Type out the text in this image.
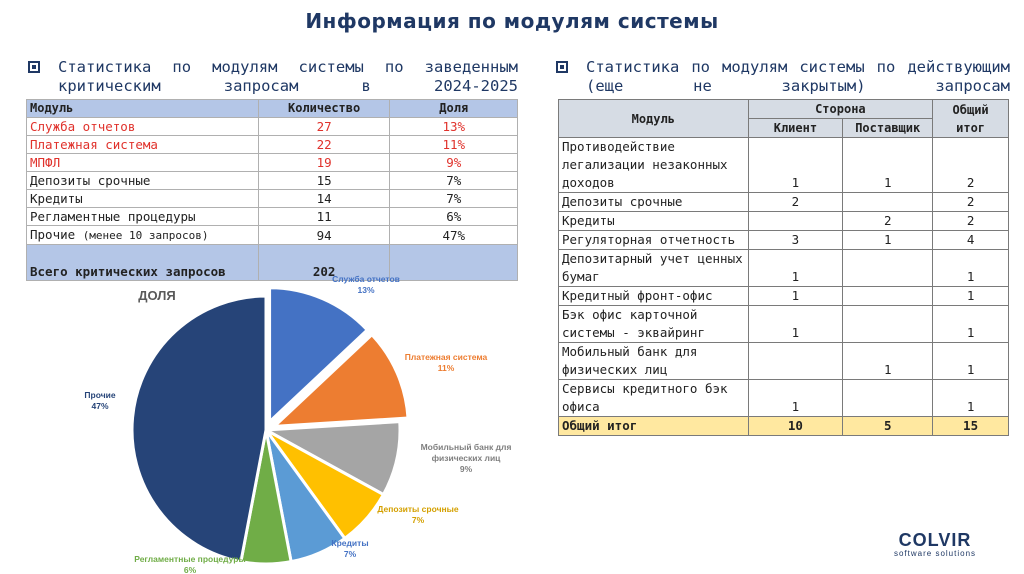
Информация по модулям системы
Статистика по модулям системы по заведенным критическим запросам в 2024-2025
Статистика по модулям системы по действующим (еще не закрытым) запросам
Модуль	Количество	Доля
Служба отчетов	27	13%
Платежная система	22	11%
МПФЛ	19	9%
Депозиты срочные	15	7%
Кредиты	14	7%
Регламентные процедуры	11	6%
Прочие (менее 10 запросов)	94	47%
Всего критических запросов	202	
Модуль	Сторона		Общий итог
	Клиент	Поставщик	
Противодействие легализации незаконных доходов	1	1	2
Депозиты срочные	2		2
Кредиты		2	2
Регуляторная отчетность	3	1	4
Депозитарный учет ценных бумаг	1		1
Кредитный фронт-офис	1		1
Бэк офис карточной системы - эквайринг	1		1
Мобильный банк для физических лиц		1	1
Сервисы кредитного бэк офиса	1		1
Общий итог	10	5	15
ДОЛЯ
Служба отчетов 13%
Платежная система 11%
Мобильный банк для физических лиц 9%
Депозиты срочные 7%
Кредиты 7%
Регламентные процедуры 6%
Прочие 47%
COLVIR
software solutions
